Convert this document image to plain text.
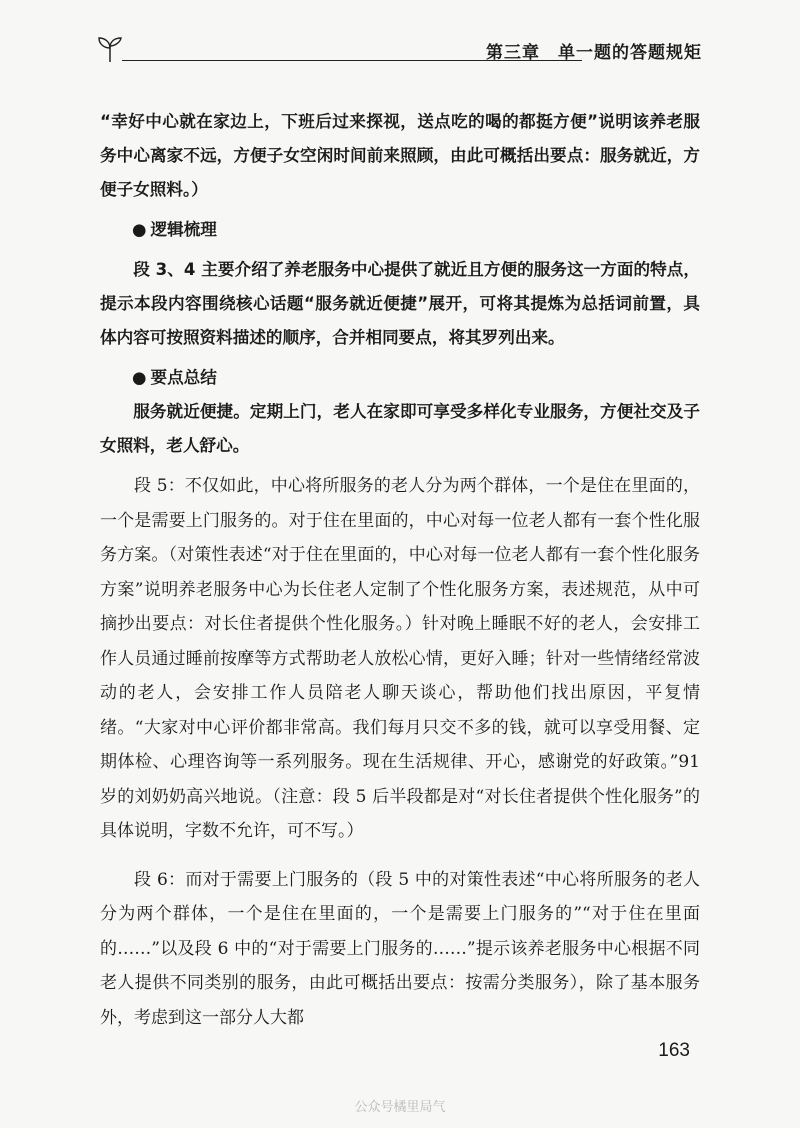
第三章　单一题的答题规矩

“幸好中心就在家边上，下班后过来探视，送点吃的喝的都挺方便”说明该养老服务中心离家不远，方便子女空闲时间前来照顾，由此可概括出要点：服务就近，方便子女照料。）

● 逻辑梳理

段 3、4 主要介绍了养老服务中心提供了就近且方便的服务这一方面的特点，提示本段内容围绕核心话题“服务就近便捷”展开，可将其提炼为总括词前置，具体内容可按照资料描述的顺序，合并相同要点，将其罗列出来。

● 要点总结

服务就近便捷。定期上门，老人在家即可享受多样化专业服务，方便社交及子女照料，老人舒心。

段 5：不仅如此，中心将所服务的老人分为两个群体，一个是住在里面的，一个是需要上门服务的。对于住在里面的，中心对每一位老人都有一套个性化服务方案。（对策性表述“对于住在里面的，中心对每一位老人都有一套个性化服务方案”说明养老服务中心为长住老人定制了个性化服务方案，表述规范，从中可摘抄出要点：对长住者提供个性化服务。）针对晚上睡眠不好的老人，会安排工作人员通过睡前按摩等方式帮助老人放松心情，更好入睡；针对一些情绪经常波动的老人，会安排工作人员陪老人聊天谈心，帮助他们找出原因，平复情绪。“大家对中心评价都非常高。我们每月只交不多的钱，就可以享受用餐、定期体检、心理咨询等一系列服务。现在生活规律、开心，感谢党的好政策。”91 岁的刘奶奶高兴地说。（注意：段 5 后半段都是对“对长住者提供个性化服务”的具体说明，字数不允许，可不写。）

段 6：而对于需要上门服务的（段 5 中的对策性表述“中心将所服务的老人分为两个群体，一个是住在里面的，一个是需要上门服务的”“对于住在里面的……”以及段 6 中的“对于需要上门服务的……”提示该养老服务中心根据不同老人提供不同类别的服务，由此可概括出要点：按需分类服务），除了基本服务外，考虑到这一部分人大都

163
公众号橘里局气
